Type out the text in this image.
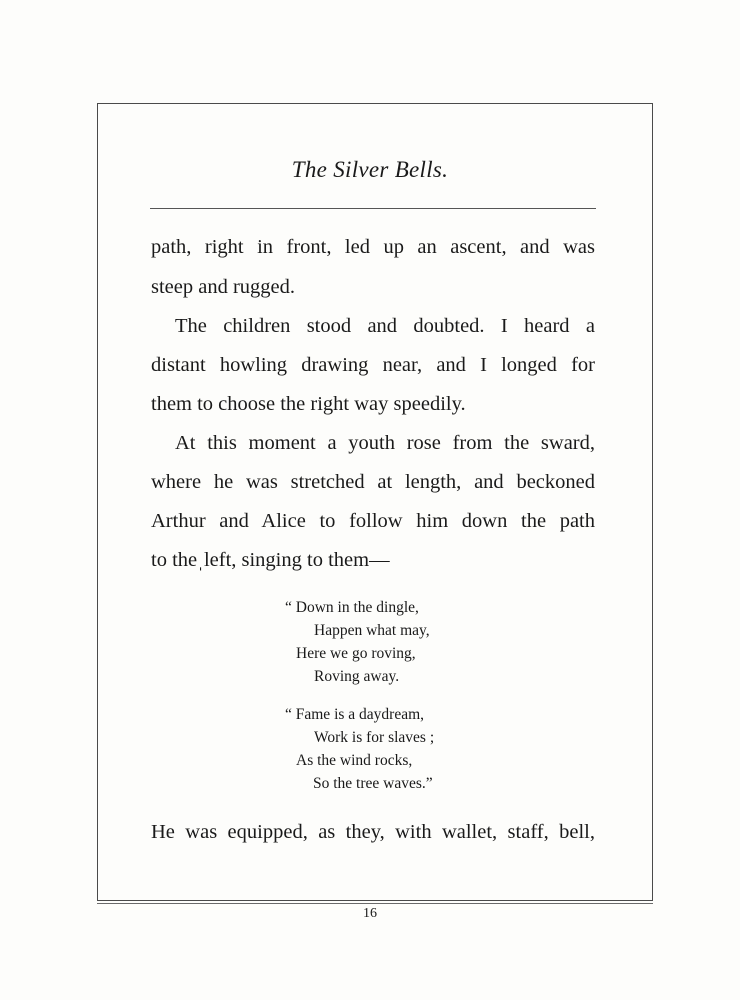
The Silver Bells.

path, right in front, led up an ascent, and was

steep and rugged.

The children stood and doubted. I heard a

distant howling drawing near, and I longed for

them to choose the right way speedily.

At this moment a youth rose from the sward,

where he was stretched at length, and beckoned

Arthur and Alice to follow him down the path

to theˌleft, singing to them—

“ Down in the dingle,

Happen what may,

Here we go roving,

Roving away.

“ Fame is a daydream,

Work is for slaves ;

As the wind rocks,

So the tree waves.”

He was equipped, as they, with wallet, staff, bell,

16
